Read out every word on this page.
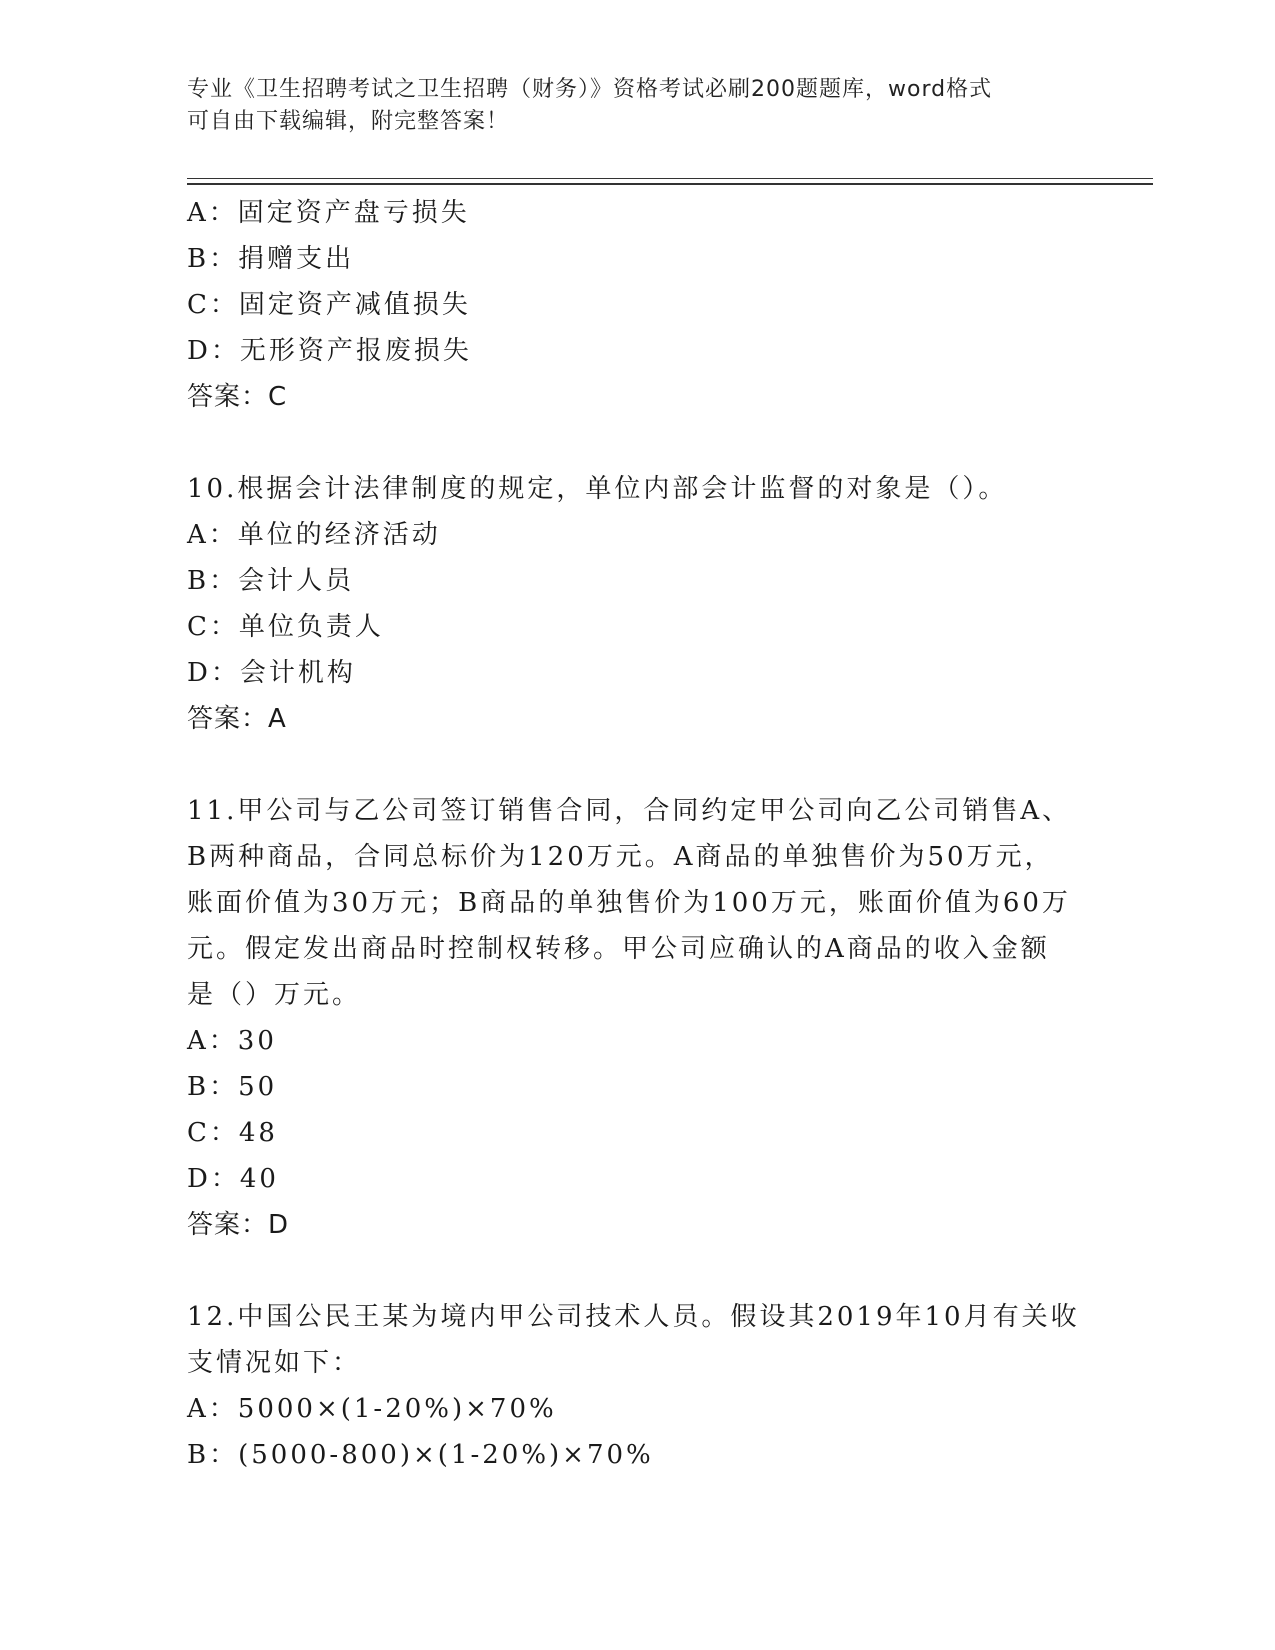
专业《卫生招聘考试之卫生招聘（财务）》资格考试必刷200题题库，word格式
可自由下载编辑，附完整答案！
A：固定资产盘亏损失
B：捐赠支出
C：固定资产减值损失
D：无形资产报废损失
答案：C
10.根据会计法律制度的规定，单位内部会计监督的对象是（）。
A：单位的经济活动
B：会计人员
C：单位负责人
D：会计机构
答案：A
11.甲公司与乙公司签订销售合同，合同约定甲公司向乙公司销售A、
B两种商品，合同总标价为120万元。A商品的单独售价为50万元，
账面价值为30万元；B商品的单独售价为100万元，账面价值为60万
元。假定发出商品时控制权转移。甲公司应确认的A商品的收入金额
是（）万元。
A：30
B：50
C：48
D：40
答案：D
12.中国公民王某为境内甲公司技术人员。假设其2019年10月有关收
支情况如下：
A：5000×(1-20%)×70%
B：(5000-800)×(1-20%)×70%
